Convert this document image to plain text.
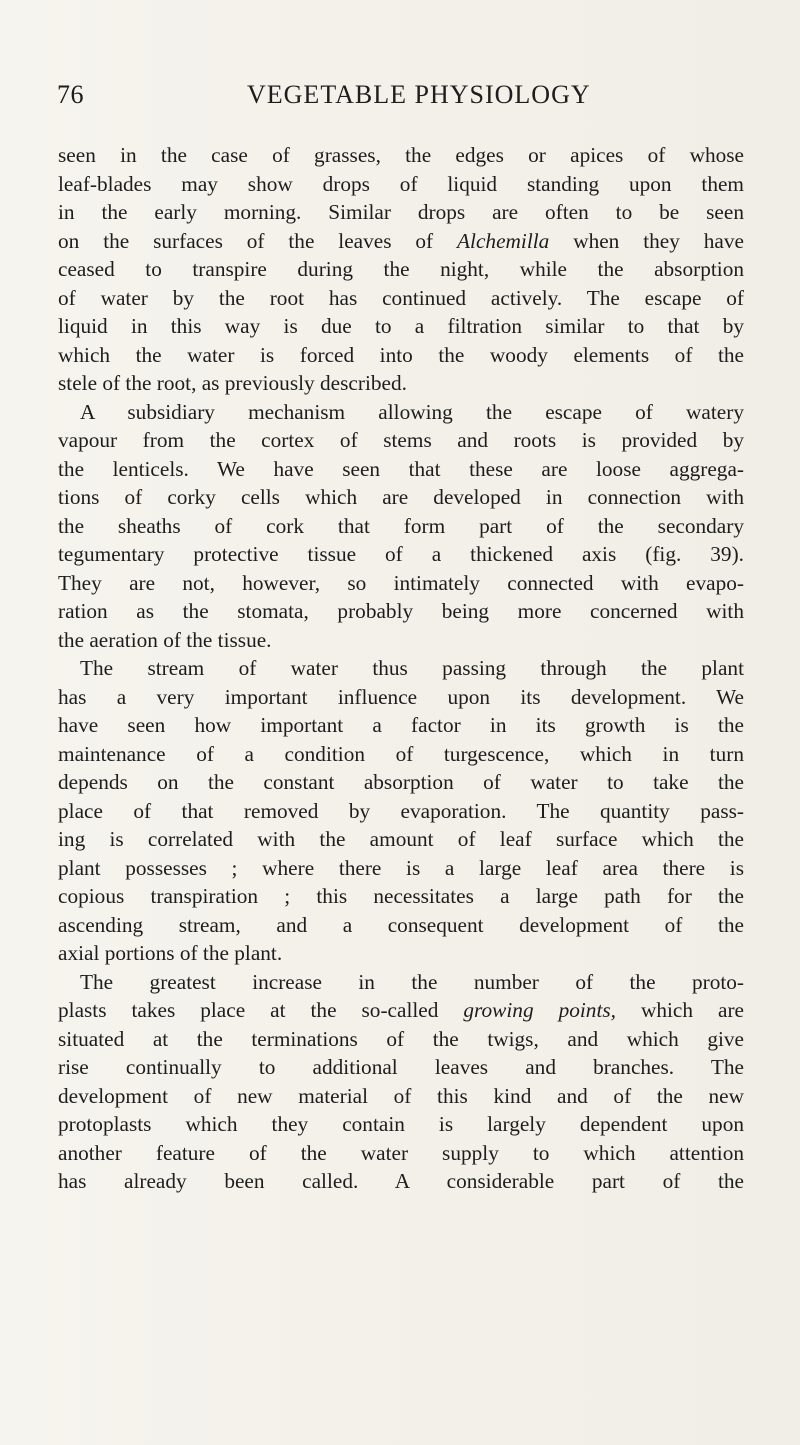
76	VEGETABLE PHYSIOLOGY
seen in the case of grasses, the edges or apices of whose
leaf-blades may show drops of liquid standing upon them
in the early morning. Similar drops are often to be seen
on the surfaces of the leaves of Alchemilla when they have
ceased to transpire during the night, while the absorption
of water by the root has continued actively. The escape of
liquid in this way is due to a filtration similar to that by
which the water is forced into the woody elements of the
stele of the root, as previously described.
A subsidiary mechanism allowing the escape of watery
vapour from the cortex of stems and roots is provided by
the lenticels. We have seen that these are loose aggrega-
tions of corky cells which are developed in connection with
the sheaths of cork that form part of the secondary
tegumentary protective tissue of a thickened axis (fig. 39).
They are not, however, so intimately connected with evapo-
ration as the stomata, probably being more concerned with
the aeration of the tissue.
The stream of water thus passing through the plant
has a very important influence upon its development. We
have seen how important a factor in its growth is the
maintenance of a condition of turgescence, which in turn
depends on the constant absorption of water to take the
place of that removed by evaporation. The quantity pass-
ing is correlated with the amount of leaf surface which the
plant possesses ; where there is a large leaf area there is
copious transpiration ; this necessitates a large path for the
ascending stream, and a consequent development of the
axial portions of the plant.
The greatest increase in the number of the proto-
plasts takes place at the so-called growing points, which are
situated at the terminations of the twigs, and which give
rise continually to additional leaves and branches. The
development of new material of this kind and of the new
protoplasts which they contain is largely dependent upon
another feature of the water supply to which attention
has already been called. A considerable part of the
